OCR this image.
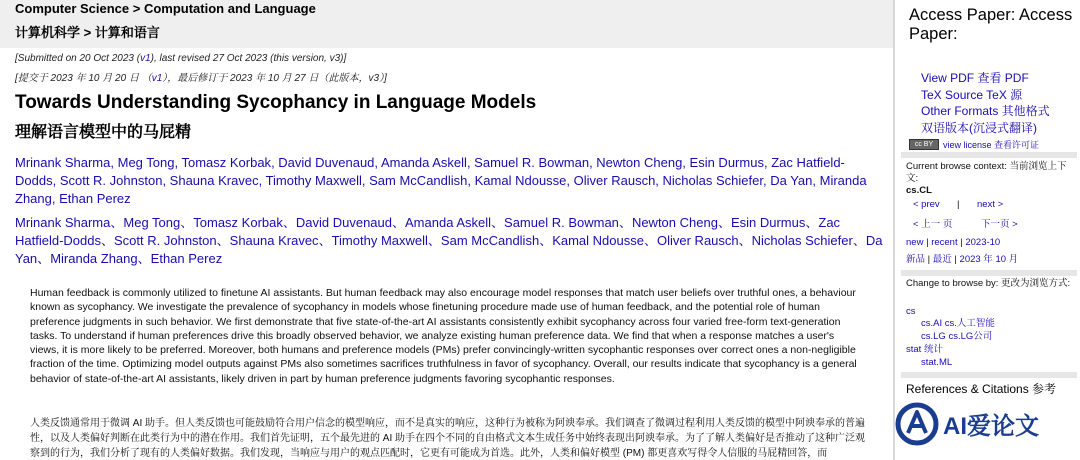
Computer Science > Computation and Language
计算机科学 > 计算和语言
[Submitted on 20 Oct 2023 (v1), last revised 27 Oct 2023 (this version, v3)]
[提交于 2023 年 10 月 20 日 （v1），最后修订于 2023 年 10 月 27 日（此版本，v3）]
Towards Understanding Sycophancy in Language Models
理解语言模型中的马屁精
Mrinank Sharma, Meg Tong, Tomasz Korbak, David Duvenaud, Amanda Askell, Samuel R. Bowman, Newton Cheng, Esin Durmus, Zac Hatfield-Dodds, Scott R. Johnston, Shauna Kravec, Timothy Maxwell, Sam McCandlish, Kamal Ndousse, Oliver Rausch, Nicholas Schiefer, Da Yan, Miranda Zhang, Ethan Perez
Mrinank Sharma、Meg Tong、Tomasz Korbak、David Duvenaud、Amanda Askell、Samuel R. Bowman、Newton Cheng、Esin Durmus、Zac Hatfield-Dodds、Scott R. Johnston、Shauna Kravec、Timothy Maxwell、Sam McCandlish、Kamal Ndousse、Oliver Rausch、Nicholas Schiefer、Da Yan、Miranda Zhang、Ethan Perez
Human feedback is commonly utilized to finetune AI assistants. But human feedback may also encourage model responses that match user beliefs over truthful ones, a behaviour known as sycophancy. We investigate the prevalence of sycophancy in models whose finetuning procedure made use of human feedback, and the potential role of human preference judgments in such behavior. We first demonstrate that five state-of-the-art AI assistants consistently exhibit sycophancy across four varied free-form text-generation tasks. To understand if human preferences drive this broadly observed behavior, we analyze existing human preference data. We find that when a response matches a user's views, it is more likely to be preferred. Moreover, both humans and preference models (PMs) prefer convincingly-written sycophantic responses over correct ones a non-negligible fraction of the time. Optimizing model outputs against PMs also sometimes sacrifices truthfulness in favor of sycophancy. Overall, our results indicate that sycophancy is a general behavior of state-of-the-art AI assistants, likely driven in part by human preference judgments favoring sycophantic responses.
人类反馈通常用于微调 AI 助手。但人类反馈也可能鼓励符合用户信念的模型响应，而不是真实的响应，这种行为被称为阿谀奉承。我们调查了微调过程利用人类反馈的模型中阿谀奉承的普遍性，以及人类偏好判断在此类行为中的潜在作用。我们首先证明，五个最先进的 AI 助手在四个不同的自由格式文本生成任务中始终表现出阿谀奉承。为了了解人类偏好是否推动了这种广泛观察到的行为，我们分析了现有的人类偏好数据。我们发现，当响应与用户的观点匹配时，它更有可能成为首选。此外，人类和偏好模型 (PM) 都更喜欢写得令人信服的马屁精回答，而
Access Paper: Access Paper:
View PDF 查看 PDF
TeX Source TeX 源
Other Formats 其他格式
双语版本(沉浸式翻译)
cc BY	view license 查看许可证
Current browse context: 当前浏览上下文:
cs.CL
< prev | next >
< 上一 页	下一页 >
new | recent | 2023-10
新品 | 最近 | 2023 年 10 月
Change to browse by: 更改为浏览方式:
cs
cs.AI cs.人工智能
cs.LG cs.LG公司
stat 统计
stat.ML
References & Citations 参考
AI爱论文
